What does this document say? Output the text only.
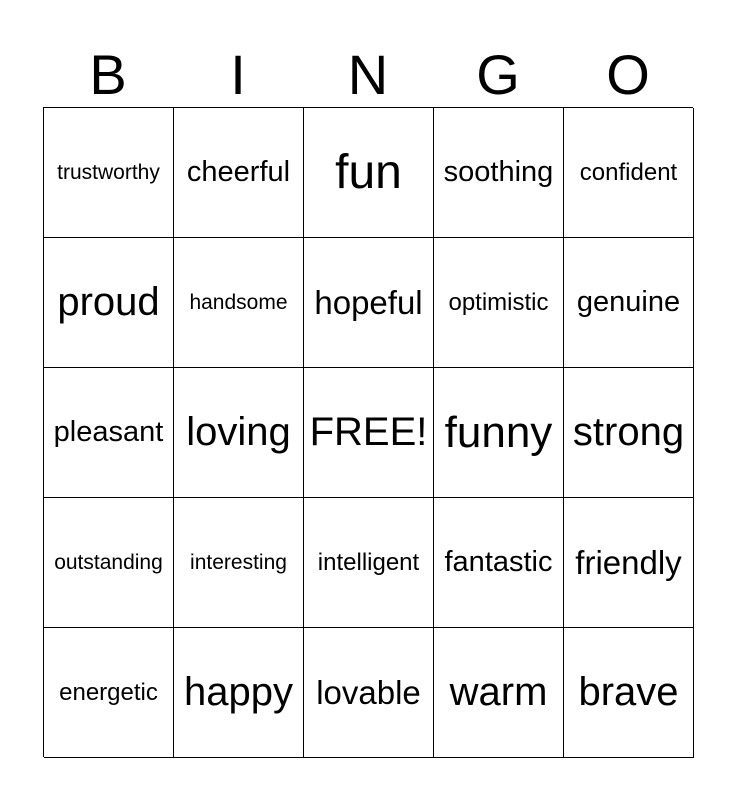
B	I	N	G	O
trustworthy cheerful fun soothing confident
proud handsome hopeful optimistic genuine
pleasant loving FREE! funny strong
outstanding interesting intelligent fantastic friendly
energetic happy lovable warm brave
